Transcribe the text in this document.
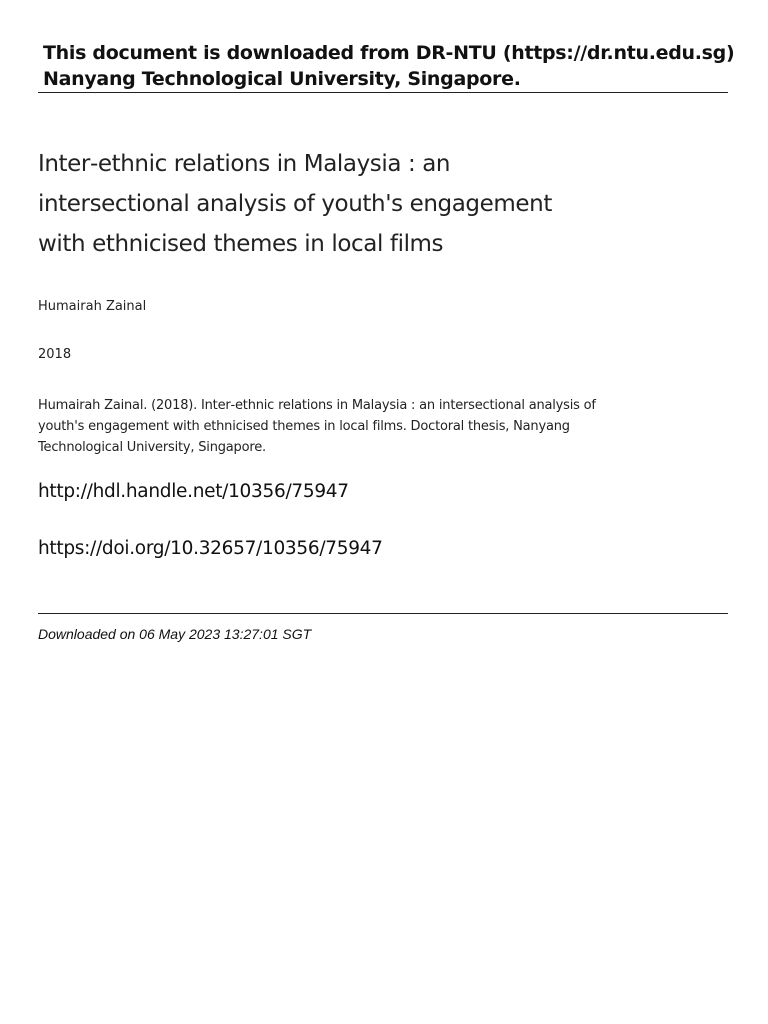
This document is downloaded from DR‑NTU (https://dr.ntu.edu.sg)
Nanyang Technological University, Singapore.
Inter‑ethnic relations in Malaysia : an
intersectional analysis of youth's engagement
with ethnicised themes in local films
Humairah Zainal
2018
Humairah Zainal. (2018). Inter‑ethnic relations in Malaysia : an intersectional analysis of
youth's engagement with ethnicised themes in local films. Doctoral thesis, Nanyang
Technological University, Singapore.
http://hdl.handle.net/10356/75947
https://doi.org/10.32657/10356/75947
Downloaded on 06 May 2023 13:27:01 SGT
